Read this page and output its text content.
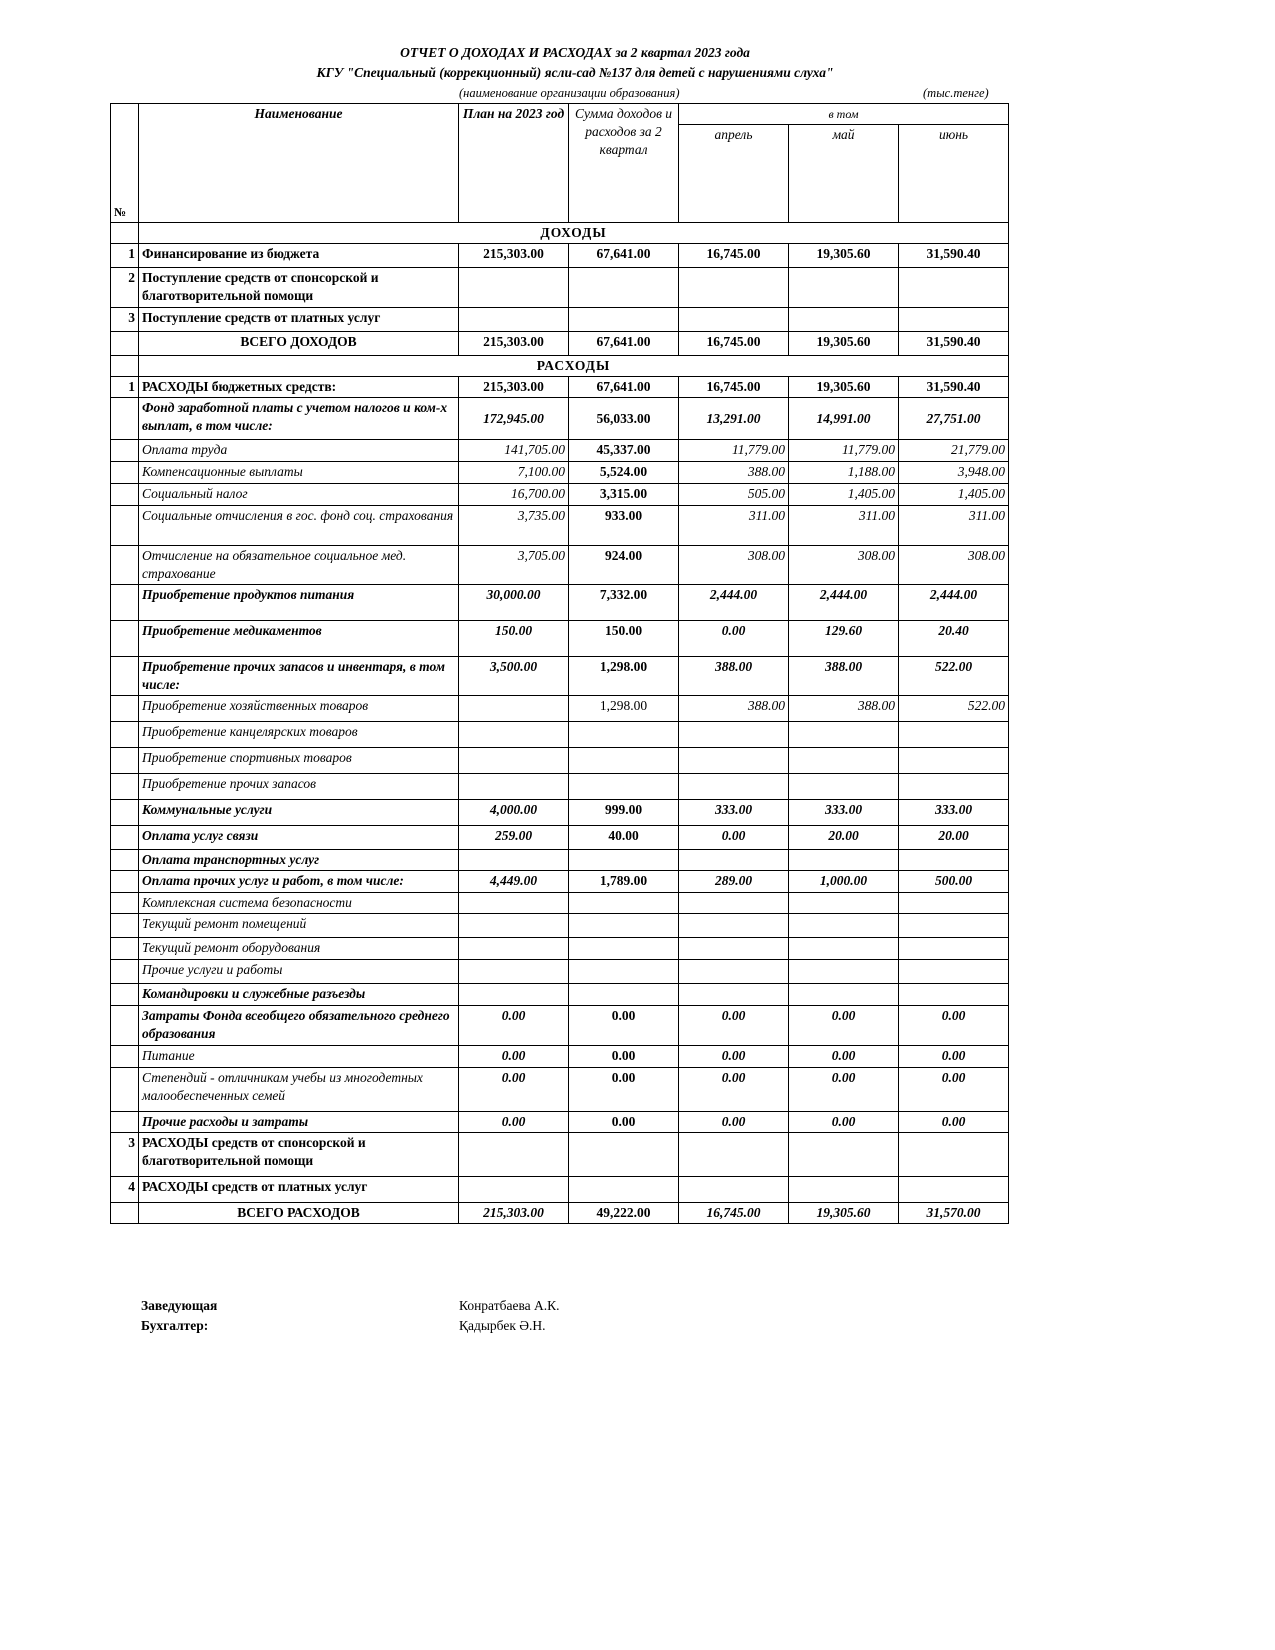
ОТЧЕТ О ДОХОДАХ И РАСХОДАХ за 2 квартал 2023 года
КГУ "Специальный (коррекционный) ясли-сад №137 для детей с нарушениями слуха"
(наименование организации образования)	(тыс.тенге)
№	Наименование	План на 2023 год	Сумма доходов и расходов за 2 квартал	в том		
				апрель	май	июнь
	ДОХОДЫ					
1	Финансирование из бюджета	215,303.00	67,641.00	16,745.00	19,305.60	31,590.40
2	Поступление средств от спонсорской и благотворительной помощи					
3	Поступление средств от платных услуг					
	ВСЕГО ДОХОДОВ	215,303.00	67,641.00	16,745.00	19,305.60	31,590.40
	РАСХОДЫ					
1	РАСХОДЫ бюджетных средств:	215,303.00	67,641.00	16,745.00	19,305.60	31,590.40
	Фонд заработной платы с учетом налогов и ком-х выплат, в том числе:	172,945.00	56,033.00	13,291.00	14,991.00	27,751.00
	Оплата труда	141,705.00	45,337.00	11,779.00	11,779.00	21,779.00
	Компенсационные выплаты	7,100.00	5,524.00	388.00	1,188.00	3,948.00
	Социальный налог	16,700.00	3,315.00	505.00	1,405.00	1,405.00
	Социальные отчисления в гос. фонд соц. страхования	3,735.00	933.00	311.00	311.00	311.00
	Отчисление на обязательное социальное мед. страхование	3,705.00	924.00	308.00	308.00	308.00
	Приобретение продуктов питания	30,000.00	7,332.00	2,444.00	2,444.00	2,444.00
	Приобретение медикаментов	150.00	150.00	0.00	129.60	20.40
	Приобретение прочих запасов и инвентаря, в том числе:	3,500.00	1,298.00	388.00	388.00	522.00
	Приобретение хозяйственных товаров		1,298.00	388.00	388.00	522.00
	Приобретение канцелярских товаров					
	Приобретение спортивных товаров					
	Приобретение прочих запасов					
	Коммунальные услуги	4,000.00	999.00	333.00	333.00	333.00
	Оплата услуг связи	259.00	40.00	0.00	20.00	20.00
	Оплата транспортных услуг					
	Оплата прочих услуг и работ, в том числе:	4,449.00	1,789.00	289.00	1,000.00	500.00
	Комплексная система безопасности					
	Текущий ремонт помещений					
	Текущий ремонт оборудования					
	Прочие услуги и работы					
	Командировки и служебные разъезды					
	Затраты Фонда всеобщего обязательного среднего образования	0.00	0.00	0.00	0.00	0.00
	Питание	0.00	0.00	0.00	0.00	0.00
	Степендий - отличникам учебы из многодетных малообеспеченных семей	0.00	0.00	0.00	0.00	0.00
	Прочие расходы и затраты	0.00	0.00	0.00	0.00	0.00
3	РАСХОДЫ средств от спонсорской и благотворительной помощи					
4	РАСХОДЫ средств от платных услуг					
	ВСЕГО РАСХОДОВ	215,303.00	49,222.00	16,745.00	19,305.60	31,570.00
Заведующая	Конратбаева А.К.
Бухгалтер:	Қадырбек Ә.Н.
